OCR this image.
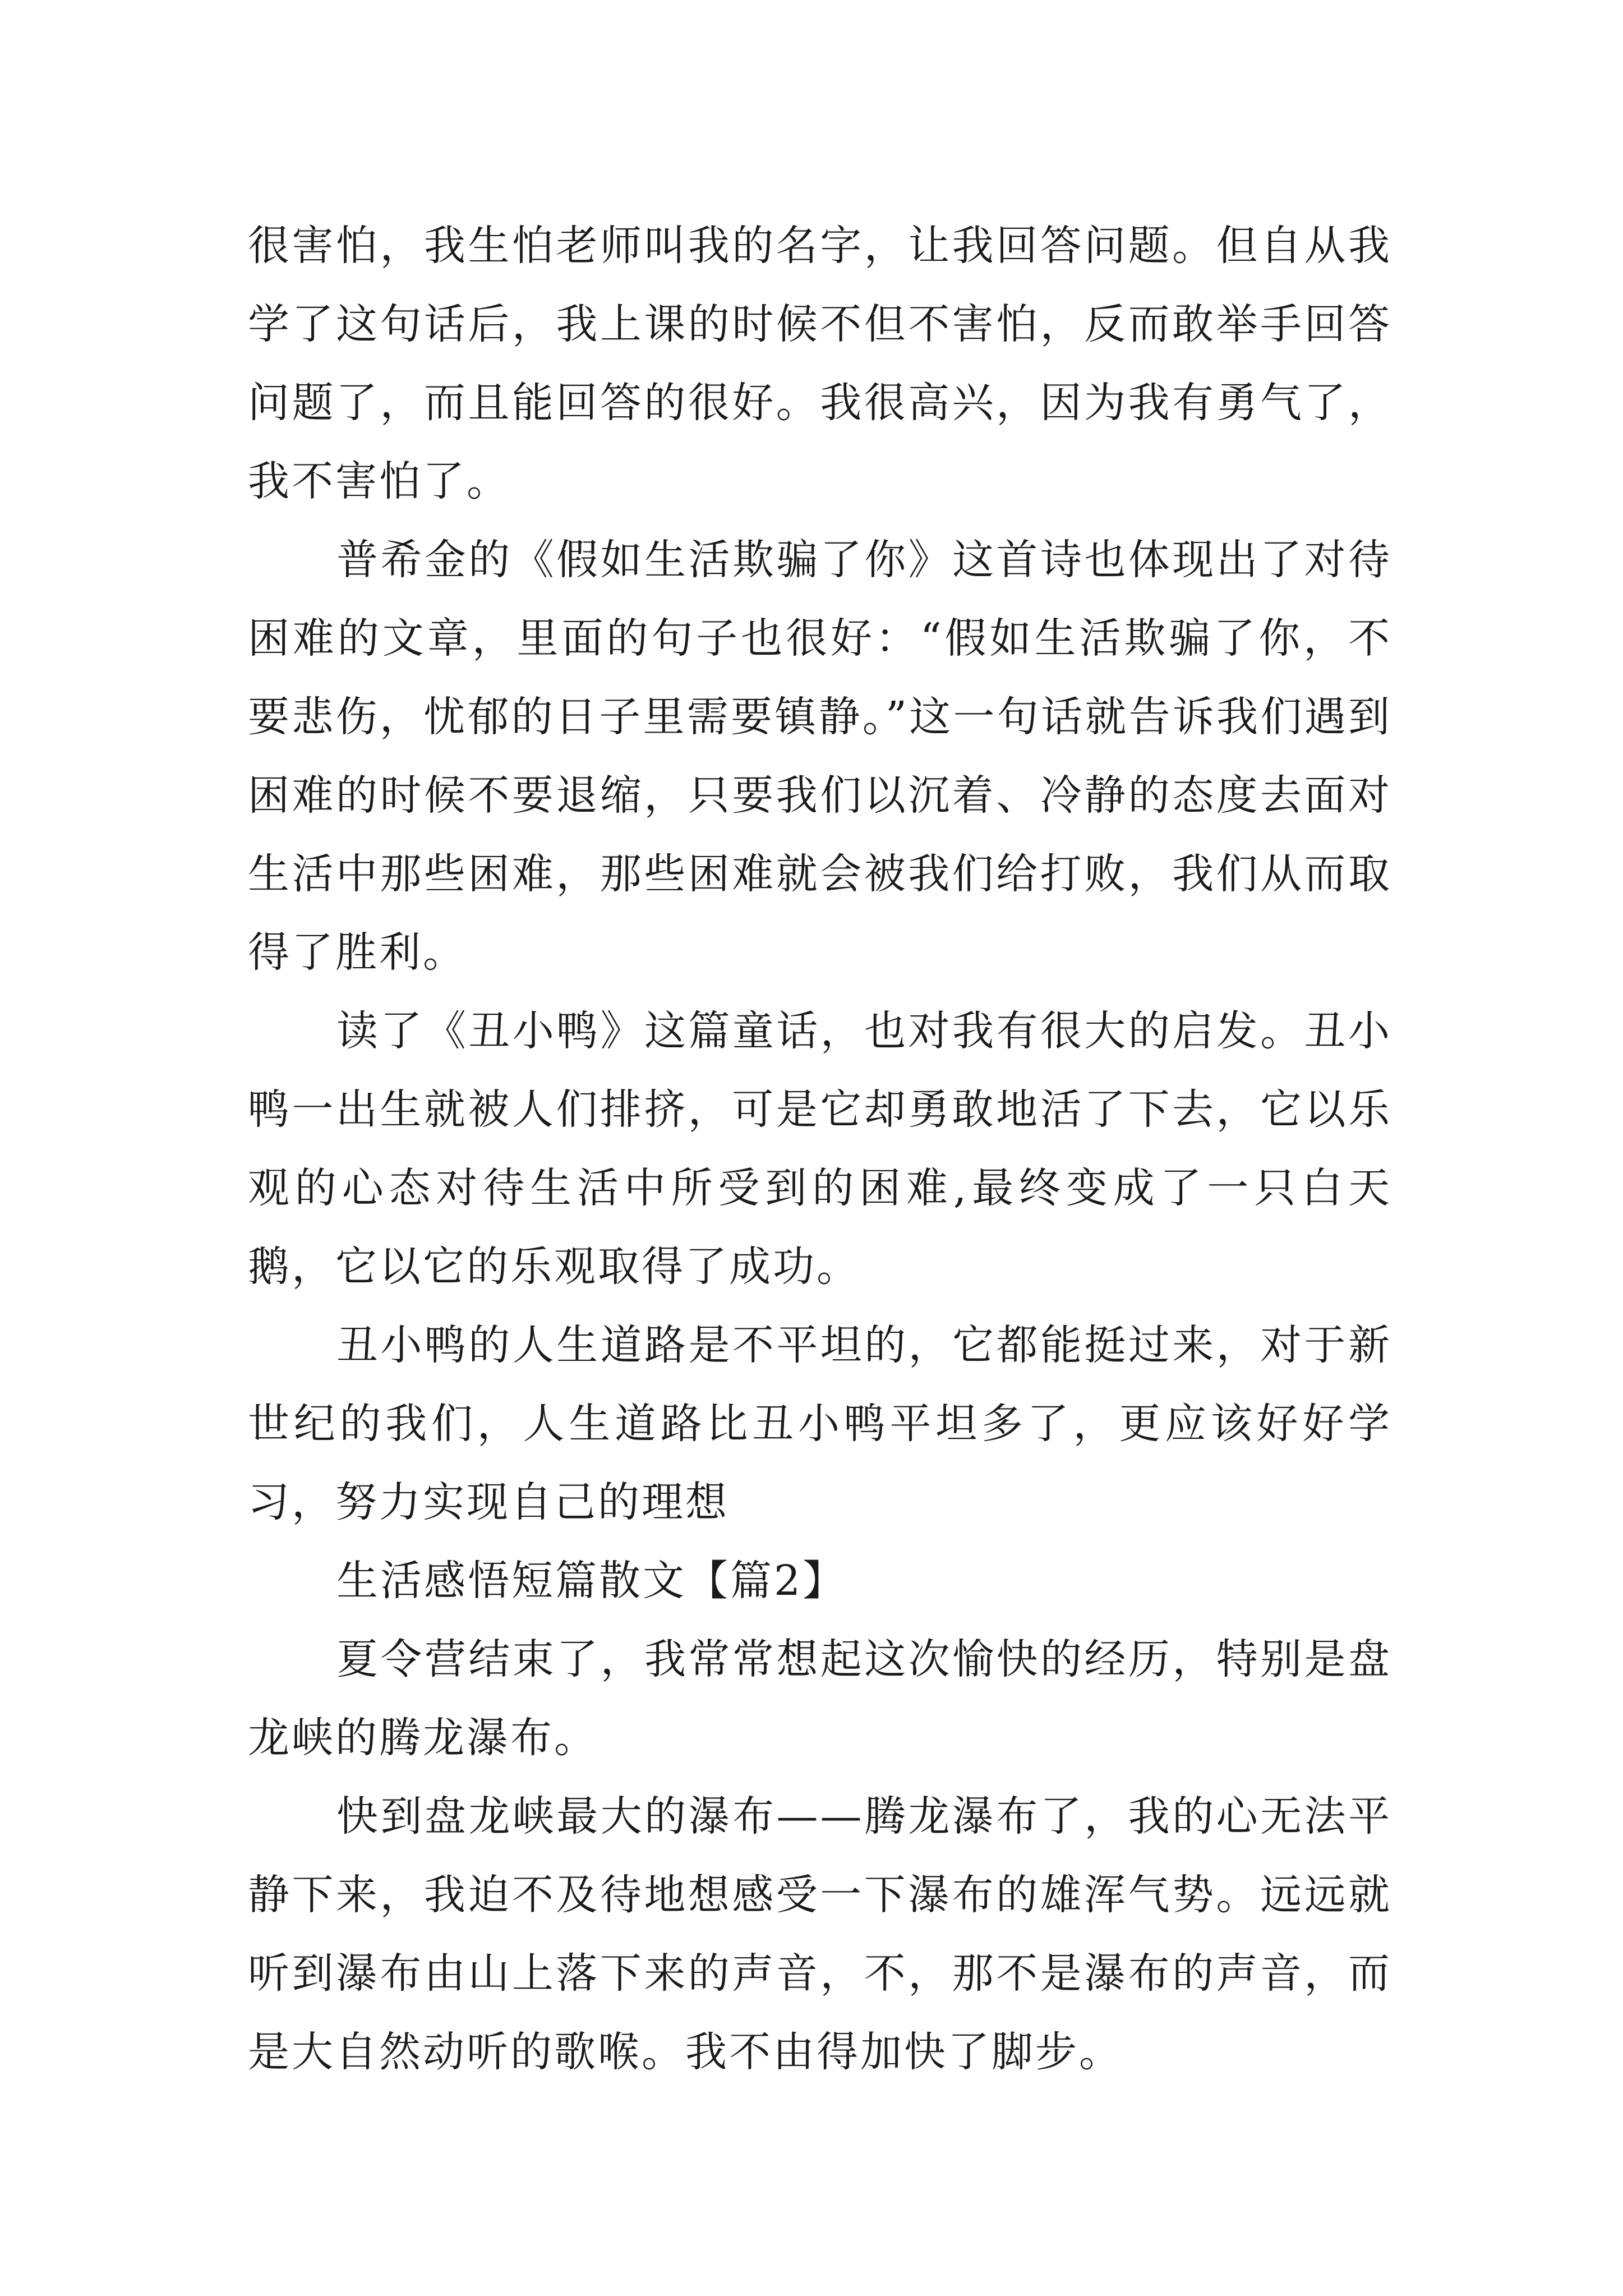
很害怕，我生怕老师叫我的名字，让我回答问题。但自从我学了这句话后，我上课的时候不但不害怕，反而敢举手回答问题了，而且能回答的很好。我很高兴，因为我有勇气了，我不害怕了。

普希金的《假如生活欺骗了你》这首诗也体现出了对待困难的文章，里面的句子也很好：“假如生活欺骗了你，不要悲伤，忧郁的日子里需要镇静。”这一句话就告诉我们遇到困难的时候不要退缩，只要我们以沉着、冷静的态度去面对生活中那些困难，那些困难就会被我们给打败，我们从而取得了胜利。

读了《丑小鸭》这篇童话，也对我有很大的启发。丑小鸭一出生就被人们排挤，可是它却勇敢地活了下去，它以乐观的心态对待生活中所受到的困难,最终变成了一只白天鹅，它以它的乐观取得了成功。

丑小鸭的人生道路是不平坦的，它都能挺过来，对于新世纪的我们，人生道路比丑小鸭平坦多了，更应该好好学习，努力实现自己的理想

生活感悟短篇散文【篇2】

夏令营结束了，我常常想起这次愉快的经历，特别是盘龙峡的腾龙瀑布。

快到盘龙峡最大的瀑布——腾龙瀑布了，我的心无法平静下来，我迫不及待地想感受一下瀑布的雄浑气势。远远就听到瀑布由山上落下来的声音，不，那不是瀑布的声音，而是大自然动听的歌喉。我不由得加快了脚步。
